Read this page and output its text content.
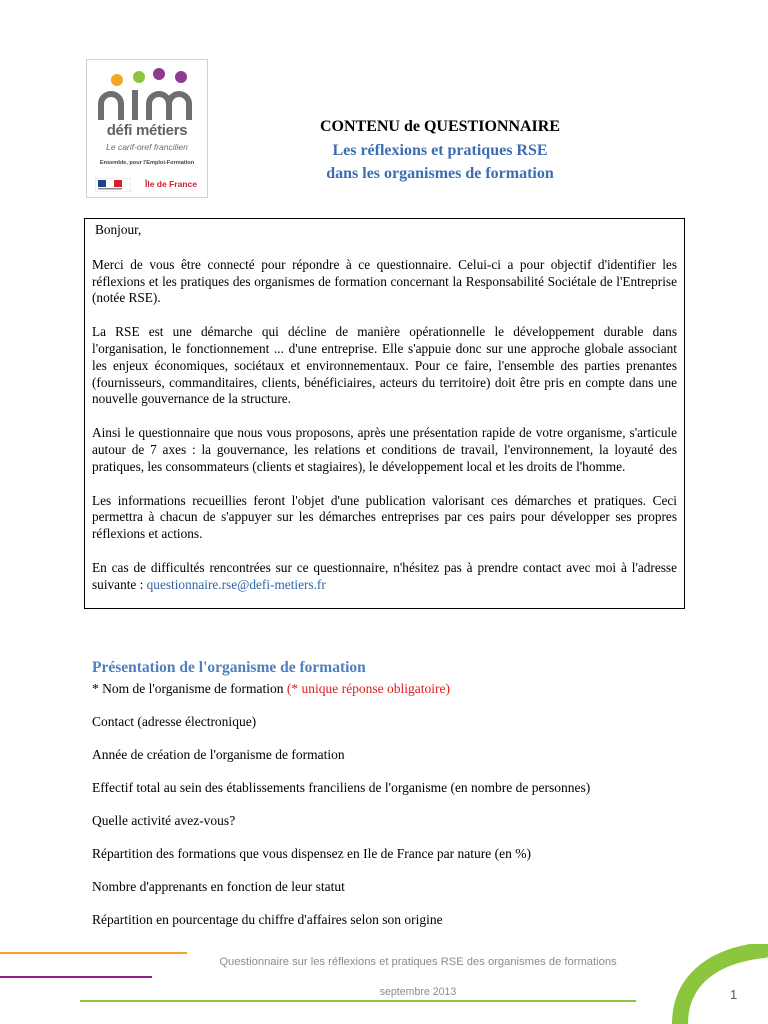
défi métiers
Le carif-oref francilien
Ensemble, pour l'Emploi-Formation
Île de France
CONTENU de QUESTIONNAIRE
Les réflexions et pratiques RSE
dans les organismes de formation

Bonjour,

Merci de vous être connecté pour répondre à ce questionnaire. Celui-ci a pour objectif d'identifier les réflexions et les pratiques des organismes de formation concernant la Responsabilité Sociétale de l'Entreprise (notée RSE).

La RSE est une démarche qui décline de manière opérationnelle le développement durable dans l'organisation, le fonctionnement ... d'une entreprise. Elle s'appuie donc sur une approche globale associant les enjeux économiques, sociétaux et environnementaux. Pour ce faire, l'ensemble des parties prenantes (fournisseurs, commanditaires, clients, bénéficiaires, acteurs du territoire) doit être pris en compte dans une nouvelle gouvernance de la structure.

Ainsi le questionnaire que nous vous proposons, après une présentation rapide de votre organisme, s'articule autour de 7 axes : la gouvernance, les relations et conditions de travail, l'environnement, la loyauté des pratiques, les consommateurs (clients et stagiaires), le développement local et les droits de l'homme.

Les informations recueillies feront l'objet d'une publication valorisant ces démarches et pratiques. Ceci permettra à chacun de s'appuyer sur les démarches entreprises par ces pairs pour développer ses propres réflexions et actions.

En cas de difficultés rencontrées sur ce questionnaire, n'hésitez pas à prendre contact avec moi à l'adresse suivante : questionnaire.rse@defi-metiers.fr

Présentation de l'organisme de formation
* Nom de l'organisme de formation (* unique réponse obligatoire)
Contact (adresse électronique)
Année de création de l'organisme de formation
Effectif total au sein des établissements franciliens de l'organisme (en nombre de personnes)
Quelle activité avez-vous?
Répartition des formations que vous dispensez en Ile de France par nature (en %)
Nombre d'apprenants en fonction de leur statut
Répartition en pourcentage du chiffre d'affaires selon son origine
Questionnaire sur les réflexions et pratiques RSE des organismes de formations
septembre 2013	1
